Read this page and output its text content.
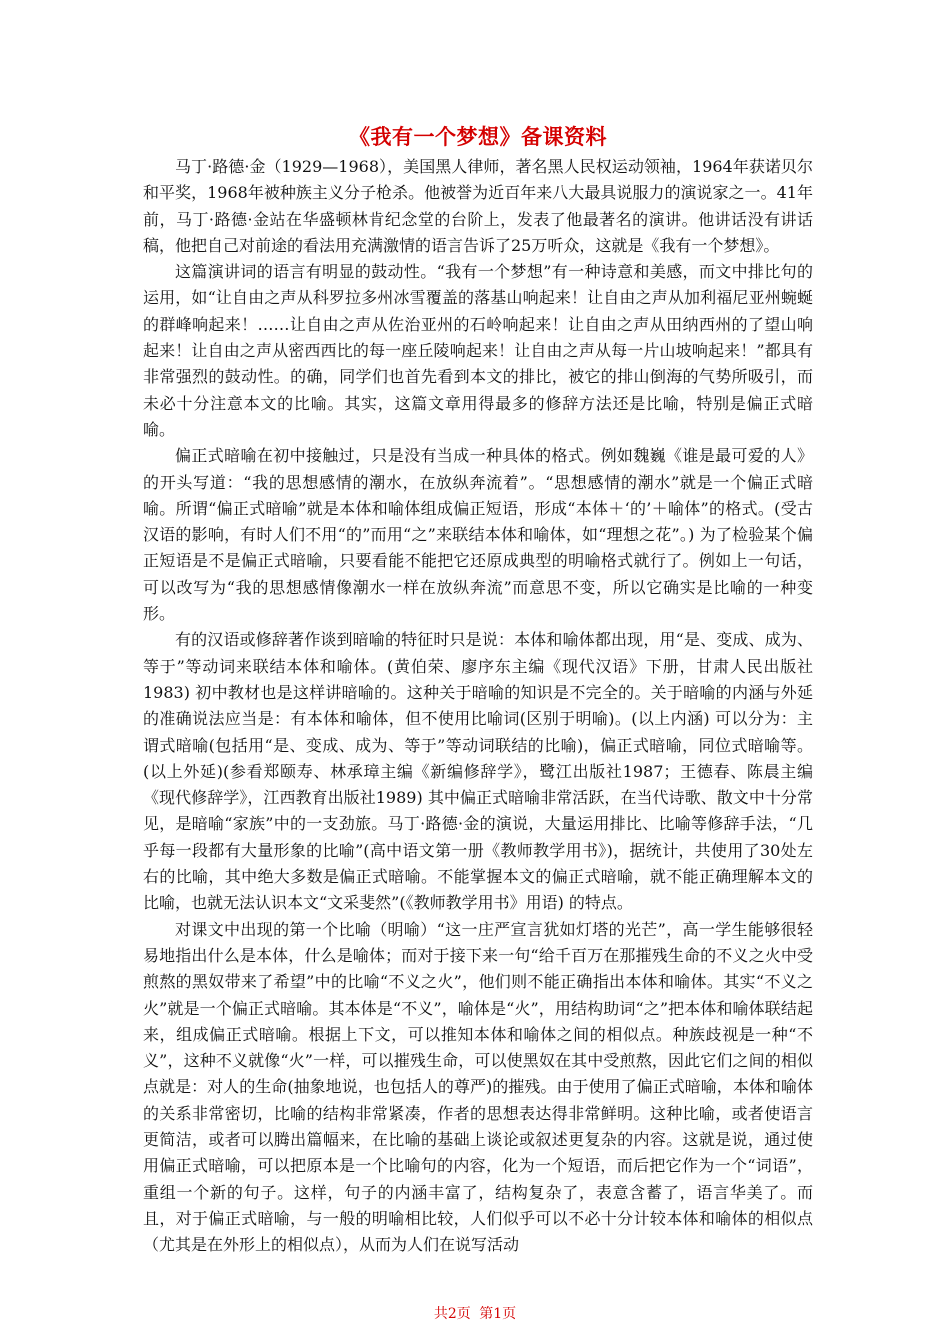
《我有一个梦想》备课资料

马丁·路德·金（1929—1968），美国黑人律师，著名黑人民权运动领袖，1964年获诺贝尔和平奖，1968年被种族主义分子枪杀。他被誉为近百年来八大最具说服力的演说家之一。41年前，马丁·路德·金站在华盛顿林肯纪念堂的台阶上，发表了他最著名的演讲。他讲话没有讲话稿，他把自己对前途的看法用充满激情的语言告诉了25万听众，这就是《我有一个梦想》。

这篇演讲词的语言有明显的鼓动性。“我有一个梦想”有一种诗意和美感，而文中排比句的运用，如“让自由之声从科罗拉多州冰雪覆盖的落基山响起来！让自由之声从加利福尼亚州蜿蜒的群峰响起来！……让自由之声从佐治亚州的石岭响起来！让自由之声从田纳西州的了望山响起来！让自由之声从密西西比的每一座丘陵响起来！让自由之声从每一片山坡响起来！”都具有非常强烈的鼓动性。的确，同学们也首先看到本文的排比，被它的排山倒海的气势所吸引，而未必十分注意本文的比喻。其实，这篇文章用得最多的修辞方法还是比喻，特别是偏正式暗喻。

偏正式暗喻在初中接触过，只是没有当成一种具体的格式。例如魏巍《谁是最可爱的人》的开头写道：“我的思想感情的潮水，在放纵奔流着”。“思想感情的潮水”就是一个偏正式暗喻。所谓“偏正式暗喻”就是本体和喻体组成偏正短语，形成“本体＋‘的’＋喻体”的格式。(受古汉语的影响，有时人们不用“的”而用“之”来联结本体和喻体，如“理想之花”。) 为了检验某个偏正短语是不是偏正式暗喻，只要看能不能把它还原成典型的明喻格式就行了。例如上一句话，可以改写为“我的思想感情像潮水一样在放纵奔流”而意思不变，所以它确实是比喻的一种变形。

有的汉语或修辞著作谈到暗喻的特征时只是说：本体和喻体都出现，用“是、变成、成为、等于”等动词来联结本体和喻体。(黄伯荣、廖序东主编《现代汉语》下册，甘肃人民出版社1983) 初中教材也是这样讲暗喻的。这种关于暗喻的知识是不完全的。关于暗喻的内涵与外延的准确说法应当是：有本体和喻体，但不使用比喻词(区别于明喻)。(以上内涵) 可以分为：主谓式暗喻(包括用“是、变成、成为、等于”等动词联结的比喻)，偏正式暗喻，同位式暗喻等。(以上外延)(参看郑颐寿、林承璋主编《新编修辞学》，鹭江出版社1987；王德春、陈晨主编《现代修辞学》，江西教育出版社1989) 其中偏正式暗喻非常活跃，在当代诗歌、散文中十分常见，是暗喻“家族”中的一支劲旅。马丁·路德·金的演说，大量运用排比、比喻等修辞手法，“几乎每一段都有大量形象的比喻”(高中语文第一册《教师教学用书》)，据统计，共使用了30处左右的比喻，其中绝大多数是偏正式暗喻。不能掌握本文的偏正式暗喻，就不能正确理解本文的比喻，也就无法认识本文“文采斐然”(《教师教学用书》用语) 的特点。

对课文中出现的第一个比喻（明喻）“这一庄严宣言犹如灯塔的光芒”，高一学生能够很轻易地指出什么是本体，什么是喻体；而对于接下来一句“给千百万在那摧残生命的不义之火中受煎熬的黑奴带来了希望”中的比喻“不义之火”，他们则不能正确指出本体和喻体。其实“不义之火”就是一个偏正式暗喻。其本体是“不义”，喻体是“火”，用结构助词“之”把本体和喻体联结起来，组成偏正式暗喻。根据上下文，可以推知本体和喻体之间的相似点。种族歧视是一种“不义”，这种不义就像“火”一样，可以摧残生命，可以使黑奴在其中受煎熬，因此它们之间的相似点就是：对人的生命(抽象地说，也包括人的尊严)的摧残。由于使用了偏正式暗喻，本体和喻体的关系非常密切，比喻的结构非常紧凑，作者的思想表达得非常鲜明。这种比喻，或者使语言更简洁，或者可以腾出篇幅来，在比喻的基础上谈论或叙述更复杂的内容。这就是说，通过使用偏正式暗喻，可以把原本是一个比喻句的内容，化为一个短语，而后把它作为一个“词语”，重组一个新的句子。这样，句子的内涵丰富了，结构复杂了，表意含蓄了，语言华美了。而且，对于偏正式暗喻，与一般的明喻相比较，人们似乎可以不必十分计较本体和喻体的相似点（尤其是在外形上的相似点），从而为人们在说写活动

共2页 第1页
